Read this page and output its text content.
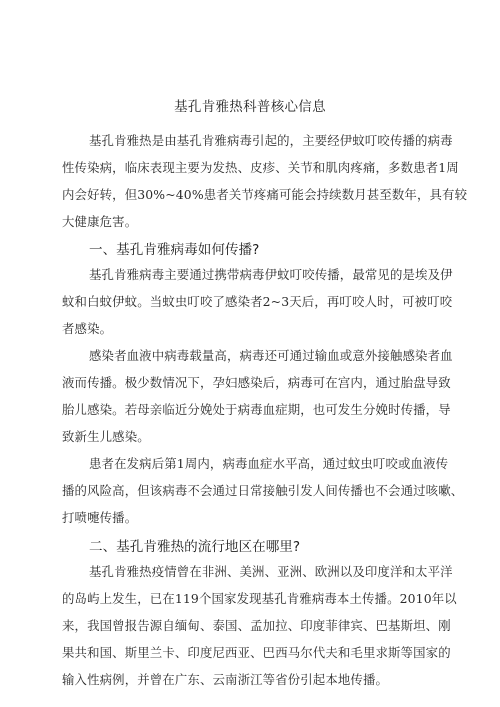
基孔肯雅热科普核心信息
基孔肯雅热是由基孔肯雅病毒引起的，主要经伊蚊叮咬传播的病毒
性传染病，临床表现主要为发热、皮疹、关节和肌肉疼痛，多数患者1周
内会好转，但30%~40%患者关节疼痛可能会持续数月甚至数年，具有较
大健康危害。
一、基孔肯雅病毒如何传播?
基孔肯雅病毒主要通过携带病毒伊蚊叮咬传播，最常见的是埃及伊
蚊和白蚊伊蚊。当蚊虫叮咬了感染者2~3天后，再叮咬人时，可被叮咬
者感染。
感染者血液中病毒载量高，病毒还可通过输血或意外接触感染者血
液而传播。极少数情况下，孕妇感染后，病毒可在宫内，通过胎盘导致
胎儿感染。若母亲临近分娩处于病毒血症期，也可发生分娩时传播，导
致新生儿感染。
患者在发病后第1周内，病毒血症水平高，通过蚊虫叮咬或血液传
播的风险高，但该病毒不会通过日常接触引发人间传播也不会通过咳嗽、
打喷嚏传播。
二、基孔肯雅热的流行地区在哪里?
基孔肯雅热疫情曾在非洲、美洲、亚洲、欧洲以及印度洋和太平洋
的岛屿上发生，已在119个国家发现基孔肯雅病毒本土传播。2010年以
来，我国曾报告源自缅甸、泰国、孟加拉、印度菲律宾、巴基斯坦、刚
果共和国、斯里兰卡、印度尼西亚、巴西马尔代夫和毛里求斯等国家的
输入性病例，并曾在广东、云南浙江等省份引起本地传播。
